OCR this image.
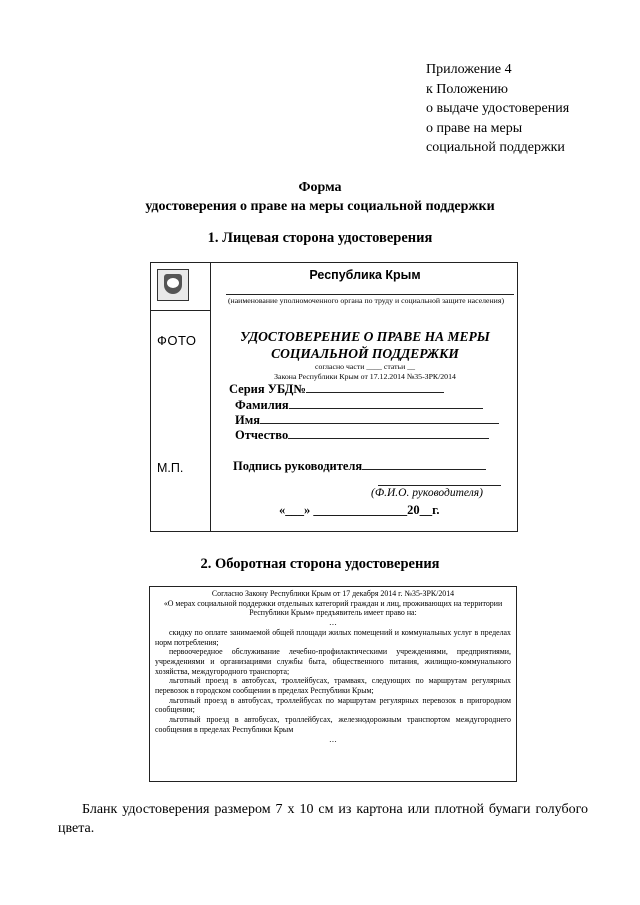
Приложение 4
к Положению
о выдаче удостоверения
о праве на меры
социальной поддержки
Форма
удостоверения о праве на меры социальной поддержки
1. Лицевая сторона удостоверения
ФОТО
М.П.
Республика Крым
(наименование уполномоченного органа по труду и социальной защите населения)
УДОСТОВЕРЕНИЕ О ПРАВЕ НА МЕРЫ
СОЦИАЛЬНОЙ ПОДДЕРЖКИ
согласно части ____ статьи __
Закона Республики Крым от 17.12.2014 №35-ЗРК/2014
Серия УБД№
Фамилия
Имя
Отчество
Подпись руководителя
(Ф.И.О. руководителя)
«___» _______________20__г.
2. Оборотная сторона удостоверения
Согласно Закону Республики Крым от 17 декабря 2014 г. №35-ЗРК/2014
«О мерах социальной поддержки отдельных категорий граждан и лиц, проживающих на территории Республики Крым» предъявитель имеет право на:
…
скидку по оплате занимаемой общей площади жилых помещений и коммунальных услуг в пределах норм потребления;
первоочередное обслуживание лечебно-профилактическими учреждениями, предприятиями, учреждениями и организациями службы быта, общественного питания, жилищно-коммунального хозяйства, междугородного транспорта;
льготный проезд в автобусах, троллейбусах, трамваях, следующих по маршрутам регулярных перевозок в городском сообщении в пределах Республики Крым;
льготный проезд в автобусах, троллейбусах по маршрутам регулярных перевозок в пригородном сообщении;
льготный проезд в автобусах, троллейбусах, железнодорожным транспортом междугороднего сообщения в пределах Республики Крым
…
Бланк удостоверения размером 7 х 10 см из картона или плотной бумаги голубого цвета.
